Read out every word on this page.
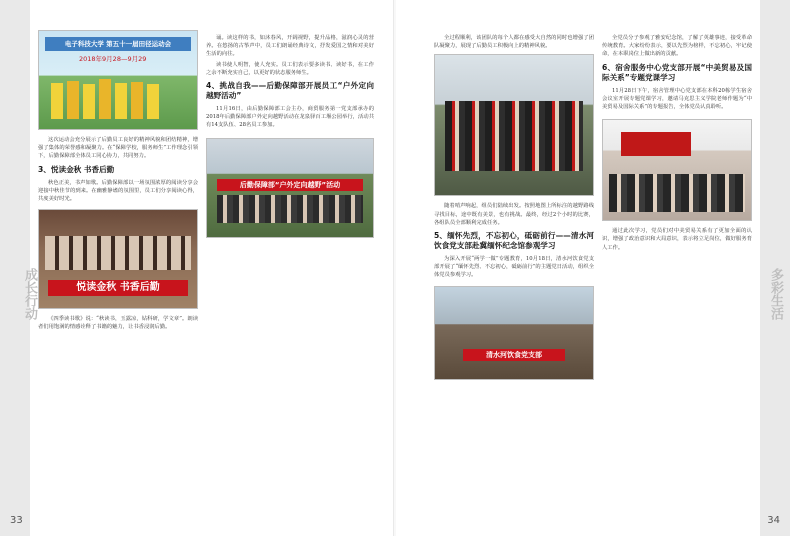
成长行动
电子科技大学 第五十一届田径运动会
2018年9月28—9月29

这次运动会充分展示了后勤员工良好的精神风貌和团结精神，增强了集体的荣誉感和凝聚力。在“保障学校，服务师生”工作理念引领下，后勤保障部全体员工同心协力，共同努力。

3、悦读金秋 书香后勤

秋色正美，书声如歌。后勤保障部以一场氛围浓厚的阅读分享会迎接中秋佳节的到来。在幽雅静谧的氛围里，员工们分享阅读心得，共度美好时光。

悦读金秋 书香后勤

《四季读书歌》说：“秋读书，玉露凉，钻科研，学文章”。朗读者们用饱满的情感诠释了书籍的魅力，让书香浸润后勤。

诵。读这样的书，如沐春风，开阔视野，提升品格，滋润心灵的营养。在悠扬的古筝声中，员工们朗诵经典诗文，抒发爱国之情和对美好生活的向往。

读书使人明智，使人充实。员工们表示要多读书、读好书，在工作之余不断充实自己，以更好的状态服务师生。

4、挑战自我——后勤保障部开展员工“户外定向越野活动”

11月16日，由后勤保障部工会主办，商贸服务第一党支部承办的2018年后勤保障部户外定向越野活动在龙泉驿百工堰公园举行，活动共有14支队伍、28名员工参加。

后勤保障部“户外定向越野”活动
33
多彩生活

全过程顺利，该团队的每个人都在感受大自然的同时也增强了团队凝聚力，展现了后勤员工积极向上的精神风貌。

随着哨声响起，组员们陆续出发。按照地图上所标注的越野路线寻找目标，途中既有美景，也有挑战。最终，经过2个小时的比赛，各组队员全部顺利完成任务。

5、缅怀先烈，不忘初心，砥砺前行——清水河饮食党支部赴冀缅怀纪念馆参观学习

为深入开展“两学一做”专题教育，10月18日，清水河饮食党支部开展了“缅怀先烈、不忘初心，砥砺前行”的主题党日活动，组织全体党员参观学习。

清水河饮食党支部

全党员分子参观了雅安纪念馆，了解了英雄事迹，接受革命传统教育。大家纷纷表示，要以先烈为榜样，不忘初心，牢记使命，在本职岗位上做出新的贡献。

6、宿舍服务中心党支部开展“中美贸易及国际关系”专题党课学习

11月28日下午，宿舍管理中心党支部在本科20栋学生宿舍会议室开展专题党课学习，邀请马克思主义学院老师作题为“中美贸易及国际关系”的专题报告，全体党员认真聆听。

通过此次学习，党员们对中美贸易关系有了更加全面的认识，增强了政治意识和大局意识，表示将立足岗位，做好服务育人工作。

34
